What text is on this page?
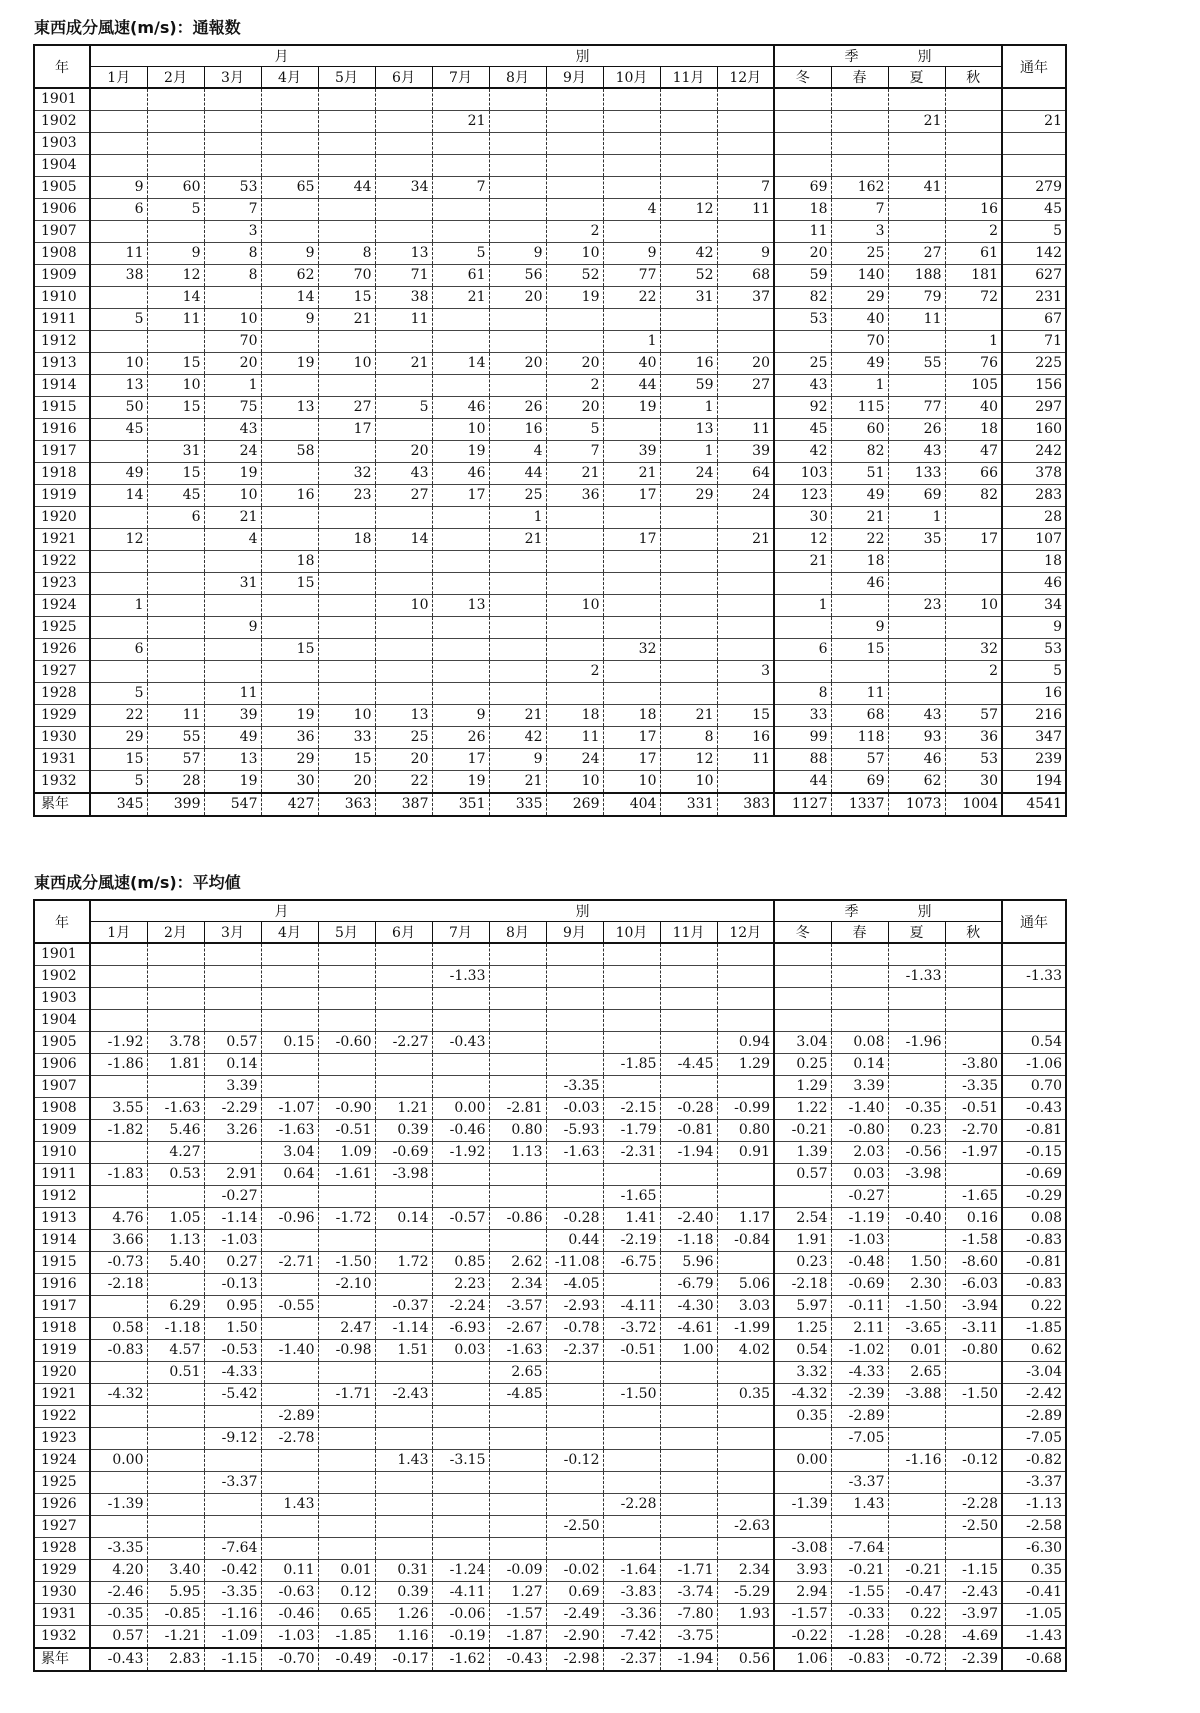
東西成分風速(m/s)：通報数
年	月 別												季 別				通年
	1月	2月	3月	4月	5月	6月	7月	8月	9月	10月	11月	12月	冬	春	夏	秋	
1901																	
1902							21								21		21
1903																	
1904																	
1905	9	60	53	65	44	34	7					7	69	162	41		279
1906	6	5	7							4	12	11	18	7		16	45
1907			3						2				11	3		2	5
1908	11	9	8	9	8	13	5	9	10	9	42	9	20	25	27	61	142
1909	38	12	8	62	70	71	61	56	52	77	52	68	59	140	188	181	627
1910		14		14	15	38	21	20	19	22	31	37	82	29	79	72	231
1911	5	11	10	9	21	11							53	40	11		67
1912			70							1				70		1	71
1913	10	15	20	19	10	21	14	20	20	40	16	20	25	49	55	76	225
1914	13	10	1						2	44	59	27	43	1		105	156
1915	50	15	75	13	27	5	46	26	20	19	1		92	115	77	40	297
1916	45		43		17		10	16	5		13	11	45	60	26	18	160
1917		31	24	58		20	19	4	7	39	1	39	42	82	43	47	242
1918	49	15	19		32	43	46	44	21	21	24	64	103	51	133	66	378
1919	14	45	10	16	23	27	17	25	36	17	29	24	123	49	69	82	283
1920		6	21					1					30	21	1		28
1921	12		4		18	14		21		17		21	12	22	35	17	107
1922				18									21	18			18
1923			31	15										46			46
1924	1					10	13		10				1		23	10	34
1925			9											9			9
1926	6			15						32			6	15		32	53
1927									2			3				2	5
1928	5		11										8	11			16
1929	22	11	39	19	10	13	9	21	18	18	21	15	33	68	43	57	216
1930	29	55	49	36	33	25	26	42	11	17	8	16	99	118	93	36	347
1931	15	57	13	29	15	20	17	9	24	17	12	11	88	57	46	53	239
1932	5	28	19	30	20	22	19	21	10	10	10		44	69	62	30	194
累年	345	399	547	427	363	387	351	335	269	404	331	383	1127	1337	1073	1004	4541
東西成分風速(m/s)：平均値
年	月 別												季 別				通年
	1月	2月	3月	4月	5月	6月	7月	8月	9月	10月	11月	12月	冬	春	夏	秋	
1901																	
1902							-1.33								-1.33		-1.33
1903																	
1904																	
1905	-1.92	3.78	0.57	0.15	-0.60	-2.27	-0.43					0.94	3.04	0.08	-1.96		0.54
1906	-1.86	1.81	0.14							-1.85	-4.45	1.29	0.25	0.14		-3.80	-1.06
1907			3.39						-3.35				1.29	3.39		-3.35	0.70
1908	3.55	-1.63	-2.29	-1.07	-0.90	1.21	0.00	-2.81	-0.03	-2.15	-0.28	-0.99	1.22	-1.40	-0.35	-0.51	-0.43
1909	-1.82	5.46	3.26	-1.63	-0.51	0.39	-0.46	0.80	-5.93	-1.79	-0.81	0.80	-0.21	-0.80	0.23	-2.70	-0.81
1910		4.27		3.04	1.09	-0.69	-1.92	1.13	-1.63	-2.31	-1.94	0.91	1.39	2.03	-0.56	-1.97	-0.15
1911	-1.83	0.53	2.91	0.64	-1.61	-3.98							0.57	0.03	-3.98		-0.69
1912			-0.27							-1.65				-0.27		-1.65	-0.29
1913	4.76	1.05	-1.14	-0.96	-1.72	0.14	-0.57	-0.86	-0.28	1.41	-2.40	1.17	2.54	-1.19	-0.40	0.16	0.08
1914	3.66	1.13	-1.03						0.44	-2.19	-1.18	-0.84	1.91	-1.03		-1.58	-0.83
1915	-0.73	5.40	0.27	-2.71	-1.50	1.72	0.85	2.62	-11.08	-6.75	5.96		0.23	-0.48	1.50	-8.60	-0.81
1916	-2.18		-0.13		-2.10		2.23	2.34	-4.05		-6.79	5.06	-2.18	-0.69	2.30	-6.03	-0.83
1917		6.29	0.95	-0.55		-0.37	-2.24	-3.57	-2.93	-4.11	-4.30	3.03	5.97	-0.11	-1.50	-3.94	0.22
1918	0.58	-1.18	1.50		2.47	-1.14	-6.93	-2.67	-0.78	-3.72	-4.61	-1.99	1.25	2.11	-3.65	-3.11	-1.85
1919	-0.83	4.57	-0.53	-1.40	-0.98	1.51	0.03	-1.63	-2.37	-0.51	1.00	4.02	0.54	-1.02	0.01	-0.80	0.62
1920		0.51	-4.33					2.65					3.32	-4.33	2.65		-3.04
1921	-4.32		-5.42		-1.71	-2.43		-4.85		-1.50		0.35	-4.32	-2.39	-3.88	-1.50	-2.42
1922				-2.89									0.35	-2.89			-2.89
1923			-9.12	-2.78										-7.05			-7.05
1924	0.00					1.43	-3.15		-0.12				0.00		-1.16	-0.12	-0.82
1925			-3.37											-3.37			-3.37
1926	-1.39			1.43						-2.28			-1.39	1.43		-2.28	-1.13
1927									-2.50			-2.63				-2.50	-2.58
1928	-3.35		-7.64										-3.08	-7.64			-6.30
1929	4.20	3.40	-0.42	0.11	0.01	0.31	-1.24	-0.09	-0.02	-1.64	-1.71	2.34	3.93	-0.21	-0.21	-1.15	0.35
1930	-2.46	5.95	-3.35	-0.63	0.12	0.39	-4.11	1.27	0.69	-3.83	-3.74	-5.29	2.94	-1.55	-0.47	-2.43	-0.41
1931	-0.35	-0.85	-1.16	-0.46	0.65	1.26	-0.06	-1.57	-2.49	-3.36	-7.80	1.93	-1.57	-0.33	0.22	-3.97	-1.05
1932	0.57	-1.21	-1.09	-1.03	-1.85	1.16	-0.19	-1.87	-2.90	-7.42	-3.75		-0.22	-1.28	-0.28	-4.69	-1.43
累年	-0.43	2.83	-1.15	-0.70	-0.49	-0.17	-1.62	-0.43	-2.98	-2.37	-1.94	0.56	1.06	-0.83	-0.72	-2.39	-0.68
